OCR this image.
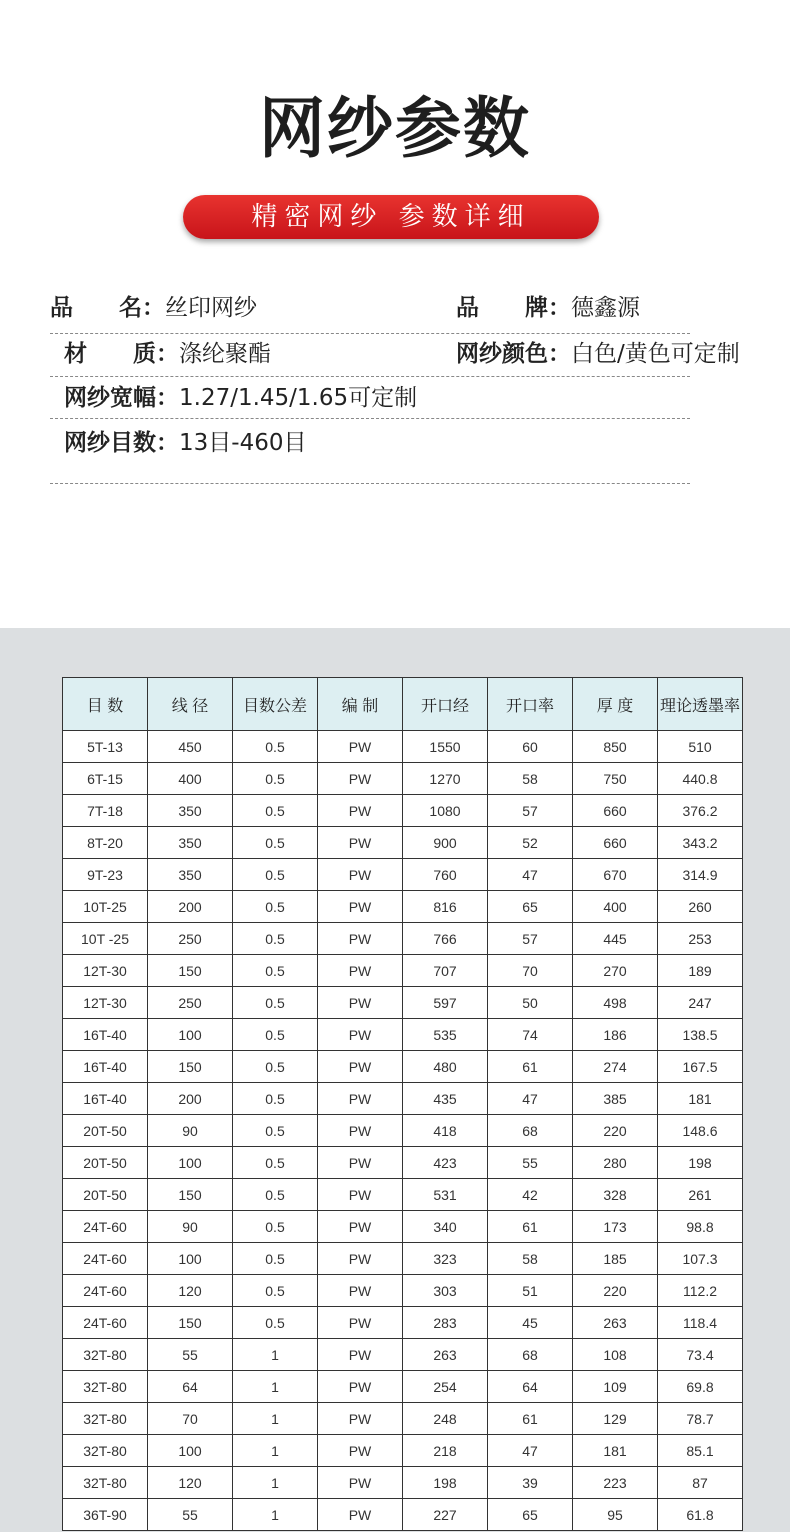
网纱参数
精密网纱 参数详细
品　　名：丝印网纱	品　　牌：德鑫源
材　　质：涤纶聚酯	网纱颜色：白色/黄色可定制
网纱宽幅：1.27/1.45/1.65可定制
网纱目数：13目-460目
目 数	线 径	目数公差	编 制	开口经	开口率	厚 度	理论透墨率
5T-13	450	0.5	PW	1550	60	850	510
6T-15	400	0.5	PW	1270	58	750	440.8
7T-18	350	0.5	PW	1080	57	660	376.2
8T-20	350	0.5	PW	900	52	660	343.2
9T-23	350	0.5	PW	760	47	670	314.9
10T-25	200	0.5	PW	816	65	400	260
10T -25	250	0.5	PW	766	57	445	253
12T-30	150	0.5	PW	707	70	270	189
12T-30	250	0.5	PW	597	50	498	247
16T-40	100	0.5	PW	535	74	186	138.5
16T-40	150	0.5	PW	480	61	274	167.5
16T-40	200	0.5	PW	435	47	385	181
20T-50	90	0.5	PW	418	68	220	148.6
20T-50	100	0.5	PW	423	55	280	198
20T-50	150	0.5	PW	531	42	328	261
24T-60	90	0.5	PW	340	61	173	98.8
24T-60	100	0.5	PW	323	58	185	107.3
24T-60	120	0.5	PW	303	51	220	112.2
24T-60	150	0.5	PW	283	45	263	118.4
32T-80	55	1	PW	263	68	108	73.4
32T-80	64	1	PW	254	64	109	69.8
32T-80	70	1	PW	248	61	129	78.7
32T-80	100	1	PW	218	47	181	85.1
32T-80	120	1	PW	198	39	223	87
36T-90	55	1	PW	227	65	95	61.8
